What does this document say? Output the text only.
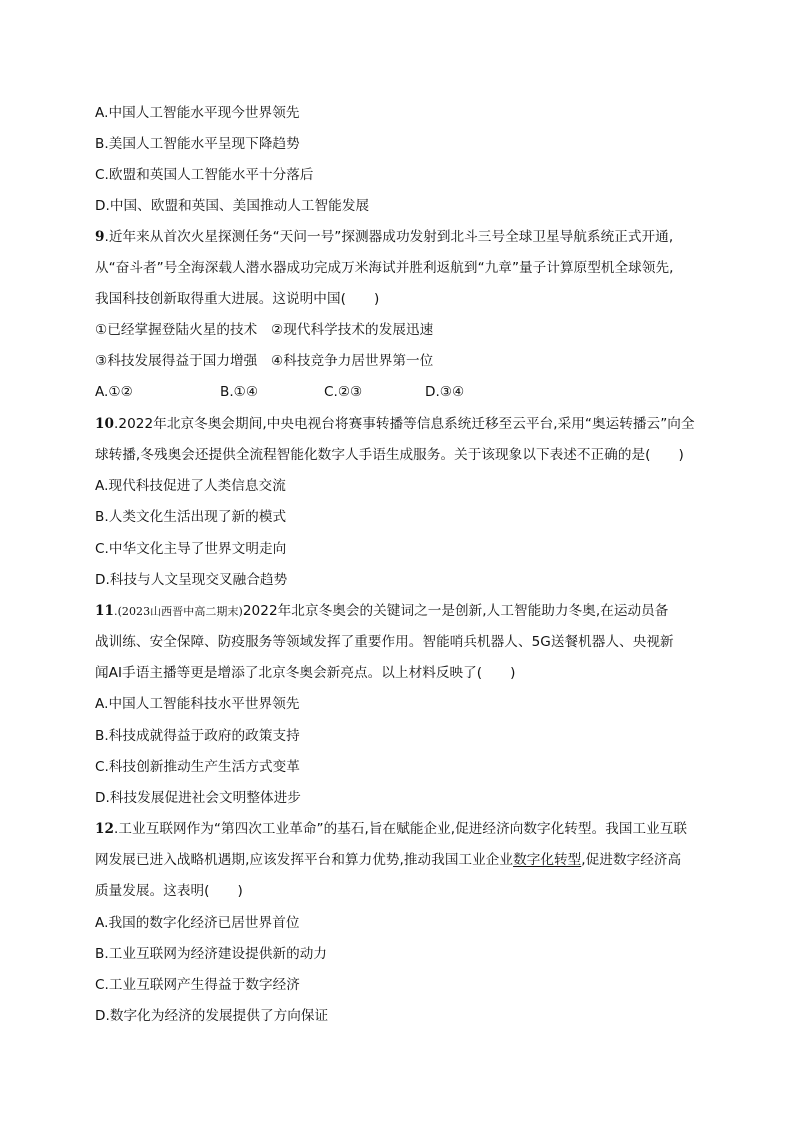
A.中国人工智能水平现今世界领先
B.美国人工智能水平呈现下降趋势
C.欧盟和英国人工智能水平十分落后
D.中国、欧盟和英国、美国推动人工智能发展
9.近年来从首次火星探测任务“天问一号”探测器成功发射到北斗三号全球卫星导航系统正式开通,
从“奋斗者”号全海深载人潜水器成功完成万米海试并胜利返航到“九章”量子计算原型机全球领先,
我国科技创新取得重大进展。这说明中国( )
①已经掌握登陆火星的技术　②现代科学技术的发展迅速
③科技发展得益于国力增强　④科技竞争力居世界第一位
A.①②	B.①④	C.②③	D.③④
10.2022年北京冬奥会期间,中央电视台将赛事转播等信息系统迁移至云平台,采用“奥运转播云”向全
球转播,冬残奥会还提供全流程智能化数字人手语生成服务。关于该现象以下表述不正确的是( )
A.现代科技促进了人类信息交流
B.人类文化生活出现了新的模式
C.中华文化主导了世界文明走向
D.科技与人文呈现交叉融合趋势
11.(2023山西晋中高二期末)2022年北京冬奥会的关键词之一是创新,人工智能助力冬奥,在运动员备
战训练、安全保障、防疫服务等领域发挥了重要作用。智能哨兵机器人、5G送餐机器人、央视新
闻AI手语主播等更是增添了北京冬奥会新亮点。以上材料反映了( )
A.中国人工智能科技水平世界领先
B.科技成就得益于政府的政策支持
C.科技创新推动生产生活方式变革
D.科技发展促进社会文明整体进步
12.工业互联网作为“第四次工业革命”的基石,旨在赋能企业,促进经济向数字化转型。我国工业互联
网发展已进入战略机遇期,应该发挥平台和算力优势,推动我国工业企业数字化转型,促进数字经济高
质量发展。这表明( )
A.我国的数字化经济已居世界首位
B.工业互联网为经济建设提供新的动力
C.工业互联网产生得益于数字经济
D.数字化为经济的发展提供了方向保证
